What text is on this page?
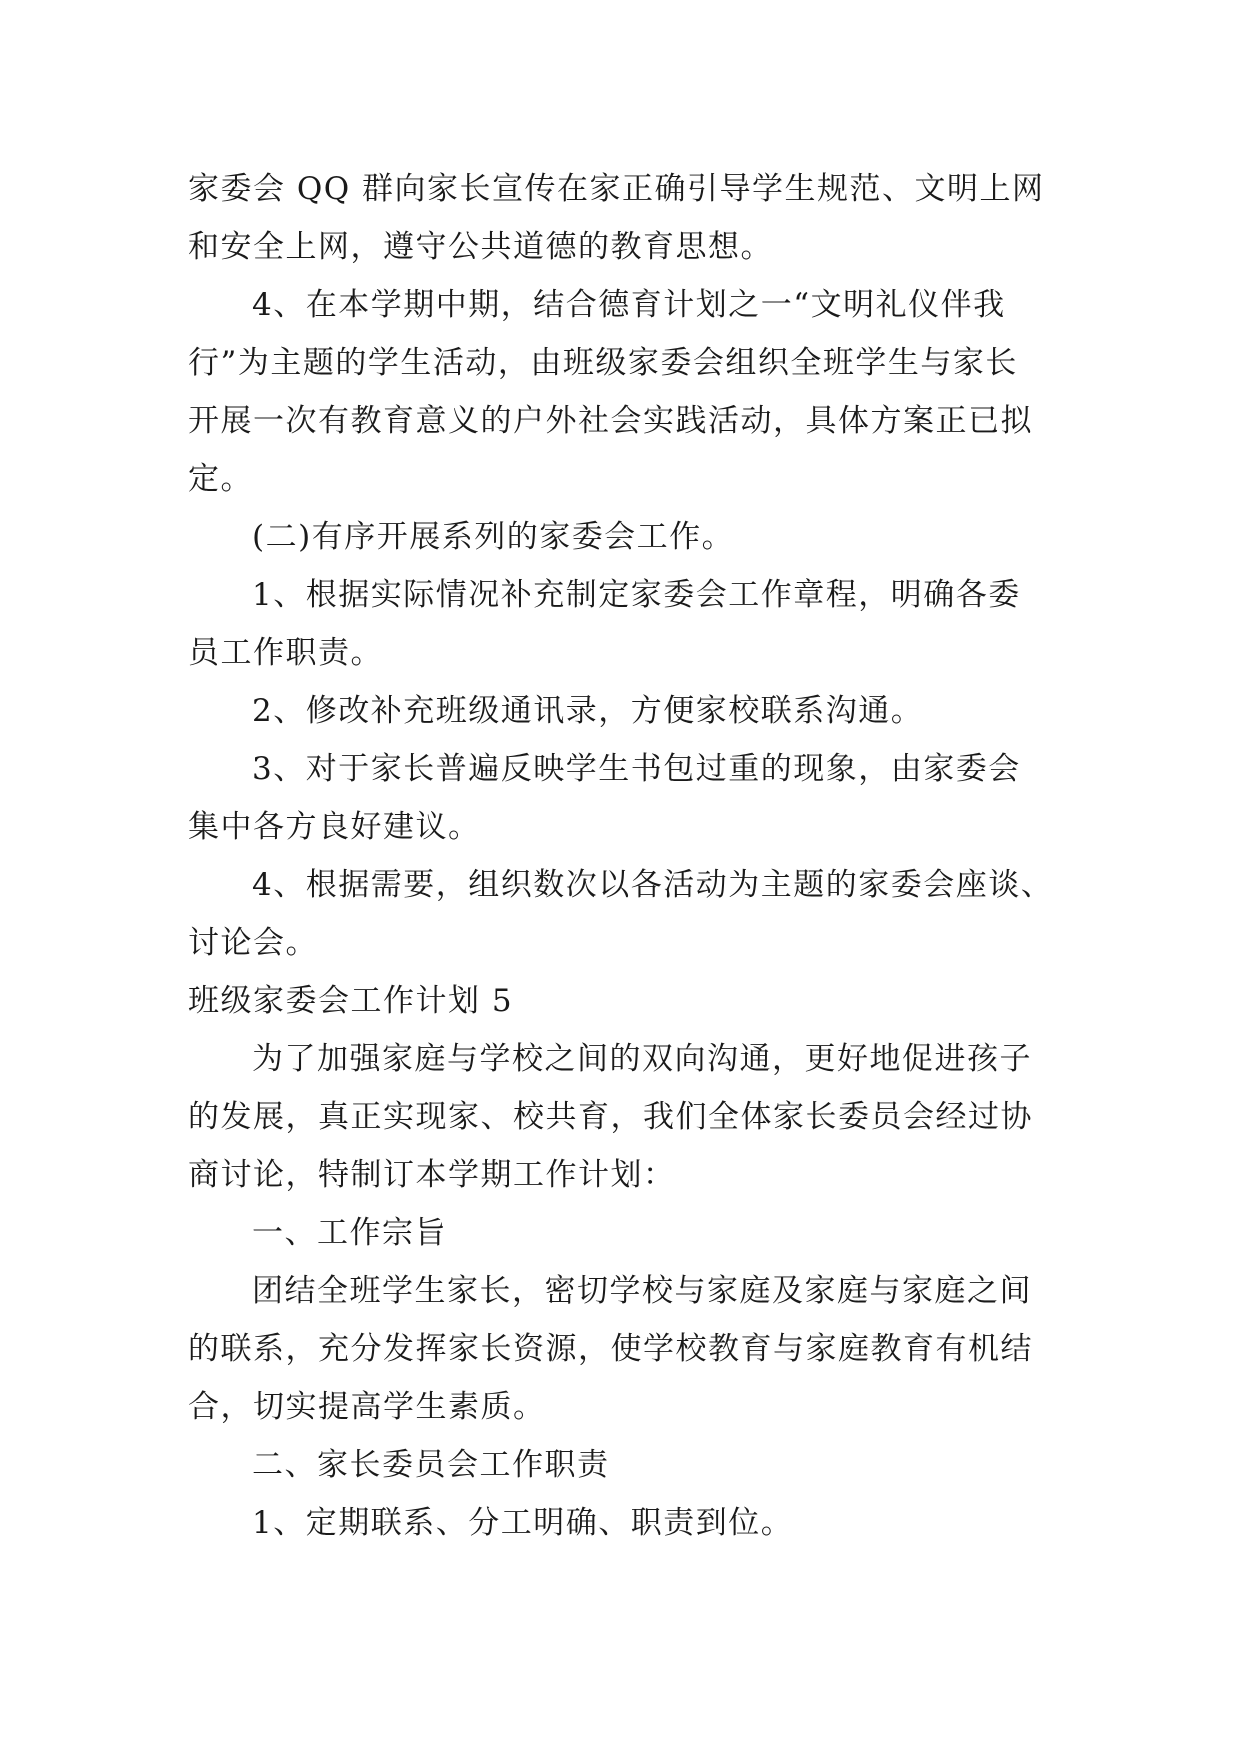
家委会 QQ 群向家长宣传在家正确引导学生规范、文明上网
和安全上网，遵守公共道德的教育思想。
4、在本学期中期，结合德育计划之一“文明礼仪伴我
行”为主题的学生活动，由班级家委会组织全班学生与家长
开展一次有教育意义的户外社会实践活动，具体方案正已拟
定。
(二)有序开展系列的家委会工作。
1、根据实际情况补充制定家委会工作章程，明确各委
员工作职责。
2、修改补充班级通讯录，方便家校联系沟通。
3、对于家长普遍反映学生书包过重的现象，由家委会
集中各方良好建议。
4、根据需要，组织数次以各活动为主题的家委会座谈、
讨论会。
班级家委会工作计划 5
为了加强家庭与学校之间的双向沟通，更好地促进孩子
的发展，真正实现家、校共育，我们全体家长委员会经过协
商讨论，特制订本学期工作计划：
一、工作宗旨
团结全班学生家长，密切学校与家庭及家庭与家庭之间
的联系，充分发挥家长资源，使学校教育与家庭教育有机结
合，切实提高学生素质。
二、家长委员会工作职责
1、定期联系、分工明确、职责到位。
